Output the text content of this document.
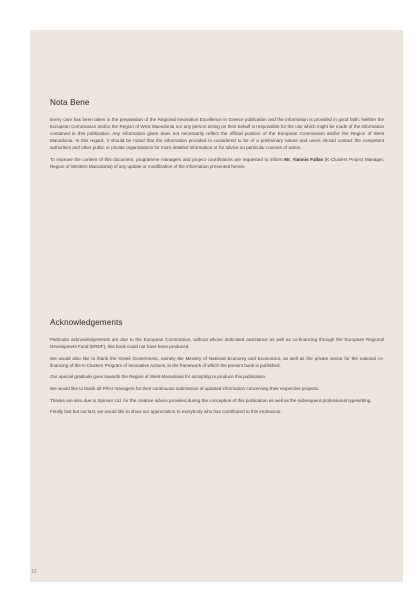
Nota Bene

Every care has been taken in the preparation of the Regional Innovation Excellence in Greece publication and the information is provided in good faith. Neither the European Commission and/or the Region of West Macedonia nor any person acting on their behalf is responsible for the use which might be made of the information contained in this publication. Any information given does not necessarily reflect the official position of the European Commission and/or the Region of West Macedonia. In this regard, it should be noted that the information provided is considered to be of a preliminary nature and users should contact the competent authorities and other public or private organisations for more detailed information or for advice on particular courses of action.

To improve the content of this document, programme managers and project coordinators are requested to inform Mr. Yiannis Fallas (K-Clusters Project Manager, Region of Western Macedonia) of any update or modification of the information presented herein.

Acknowledgements

Particular acknowledgements are due to the European Commission, without whose dedicated assistance as well as co-financing through the European Regional Development Fund (ERDF), this book could not have been produced.

We would also like to thank the Greek Government, namely the Ministry of National Economy and Economics, as well as the private sector for the national co-financing of the K-Clusters Program of Innovative Actions, in the framework of which the present book is published.

Our special gratitude goes towards the Region of West Macedonia for accepting to produce this publication.

We would like to thank all PRAI managers for their continuous submission of updated information concerning their respective projects.

Thanks are also due to Spinner Ltd. for the creative advice provided during the conception of this publication as well as the subsequent professional typesetting.

Finally last but not last, we would like to show our appreciation to everybody who has contributed to this endeavour.

10
